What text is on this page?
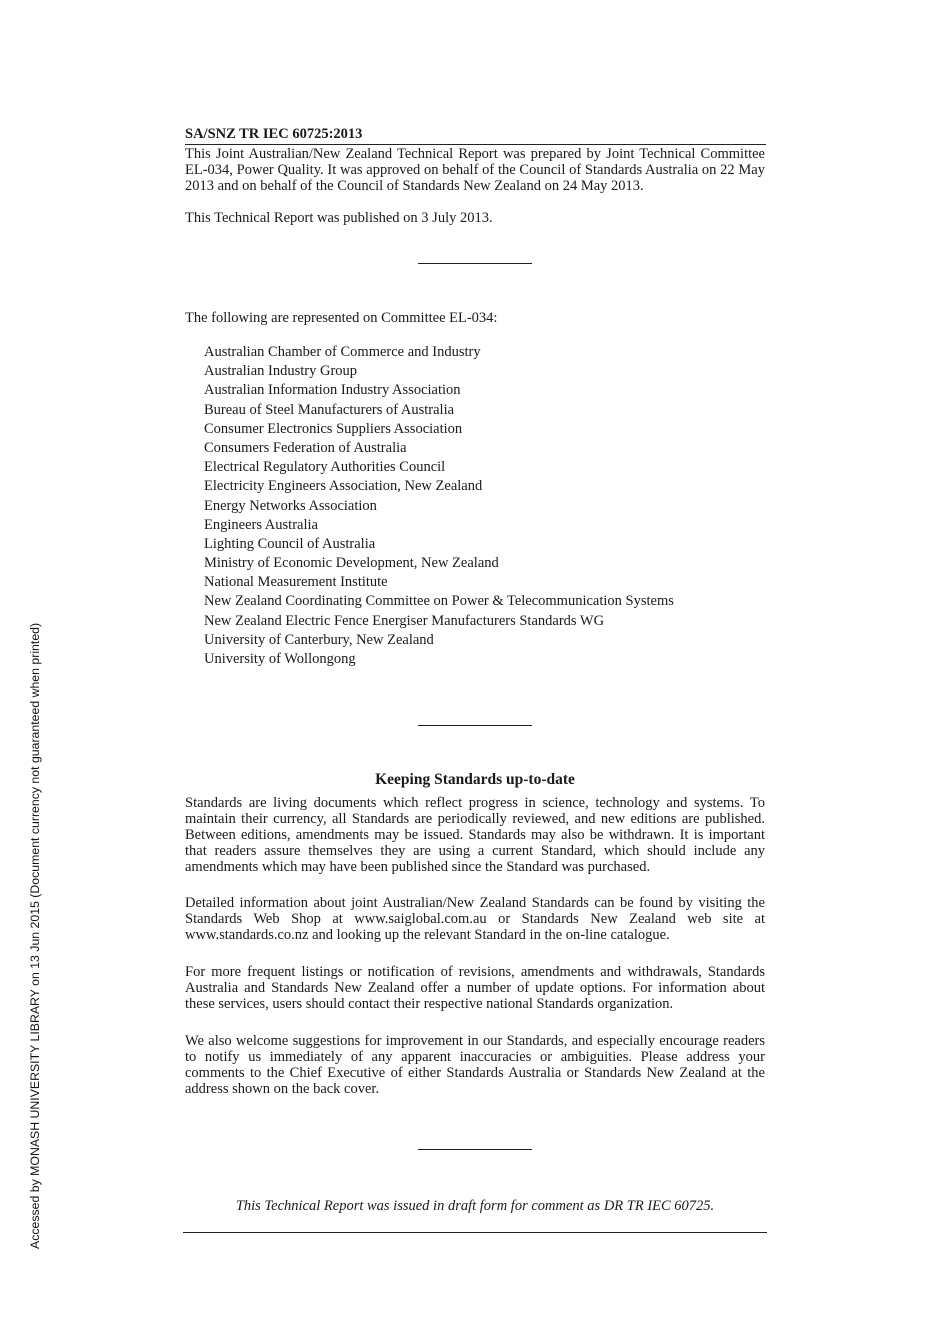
SA/SNZ TR IEC 60725:2013

This Joint Australian/New Zealand Technical Report was prepared by Joint Technical Committee EL-034, Power Quality. It was approved on behalf of the Council of Standards Australia on 22 May 2013 and on behalf of the Council of Standards New Zealand on 24 May 2013.

This Technical Report was published on 3 July 2013.

The following are represented on Committee EL-034:
Australian Chamber of Commerce and Industry
Australian Industry Group
Australian Information Industry Association
Bureau of Steel Manufacturers of Australia
Consumer Electronics Suppliers Association
Consumers Federation of Australia
Electrical Regulatory Authorities Council
Electricity Engineers Association, New Zealand
Energy Networks Association
Engineers Australia
Lighting Council of Australia
Ministry of Economic Development, New Zealand
National Measurement Institute
New Zealand Coordinating Committee on Power & Telecommunication Systems
New Zealand Electric Fence Energiser Manufacturers Standards WG
University of Canterbury, New Zealand
University of Wollongong
Keeping Standards up-to-date

Standards are living documents which reflect progress in science, technology and systems. To maintain their currency, all Standards are periodically reviewed, and new editions are published. Between editions, amendments may be issued. Standards may also be withdrawn. It is important that readers assure themselves they are using a current Standard, which should include any amendments which may have been published since the Standard was purchased.

Detailed information about joint Australian/New Zealand Standards can be found by visiting the Standards Web Shop at www.saiglobal.com.au or Standards New Zealand web site at www.standards.co.nz and looking up the relevant Standard in the on-line catalogue.

For more frequent listings or notification of revisions, amendments and withdrawals, Standards Australia and Standards New Zealand offer a number of update options. For information about these services, users should contact their respective national Standards organization.

We also welcome suggestions for improvement in our Standards, and especially encourage readers to notify us immediately of any apparent inaccuracies or ambiguities. Please address your comments to the Chief Executive of either Standards Australia or Standards New Zealand at the address shown on the back cover.

This Technical Report was issued in draft form for comment as DR TR IEC 60725.
Accessed by MONASH UNIVERSITY LIBRARY on 13 Jun 2015 (Document currency not guaranteed when printed)
